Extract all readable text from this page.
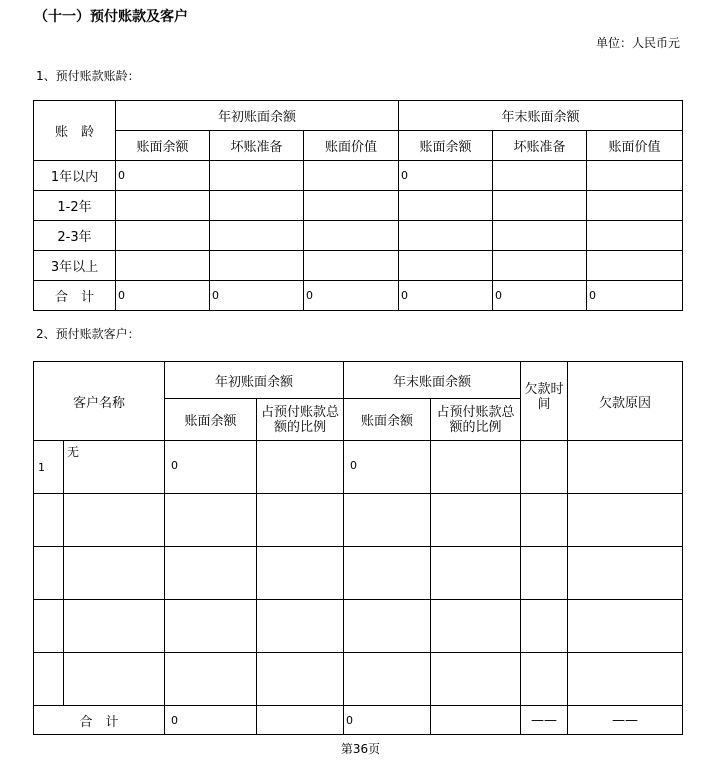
（十一）预付账款及客户
单位：人民币元
1、预付账款账龄：
账　龄	年初账面余额			年末账面余额		
	账面余额	坏账准备	账面价值	账面余额	坏账准备	账面价值
1年以内	0			0		
1-2年						
2-3年						
3年以上						
合　计	0	0	0	0	0	0
2、预付账款客户：
客户名称		年初账面余额		年末账面余额		欠款时间	欠款原因
		账面余额	占预付账款总额的比例	账面余额	占预付账款总额的比例		

1	无	0		0			

合　计		0		0		——	——
第36页
